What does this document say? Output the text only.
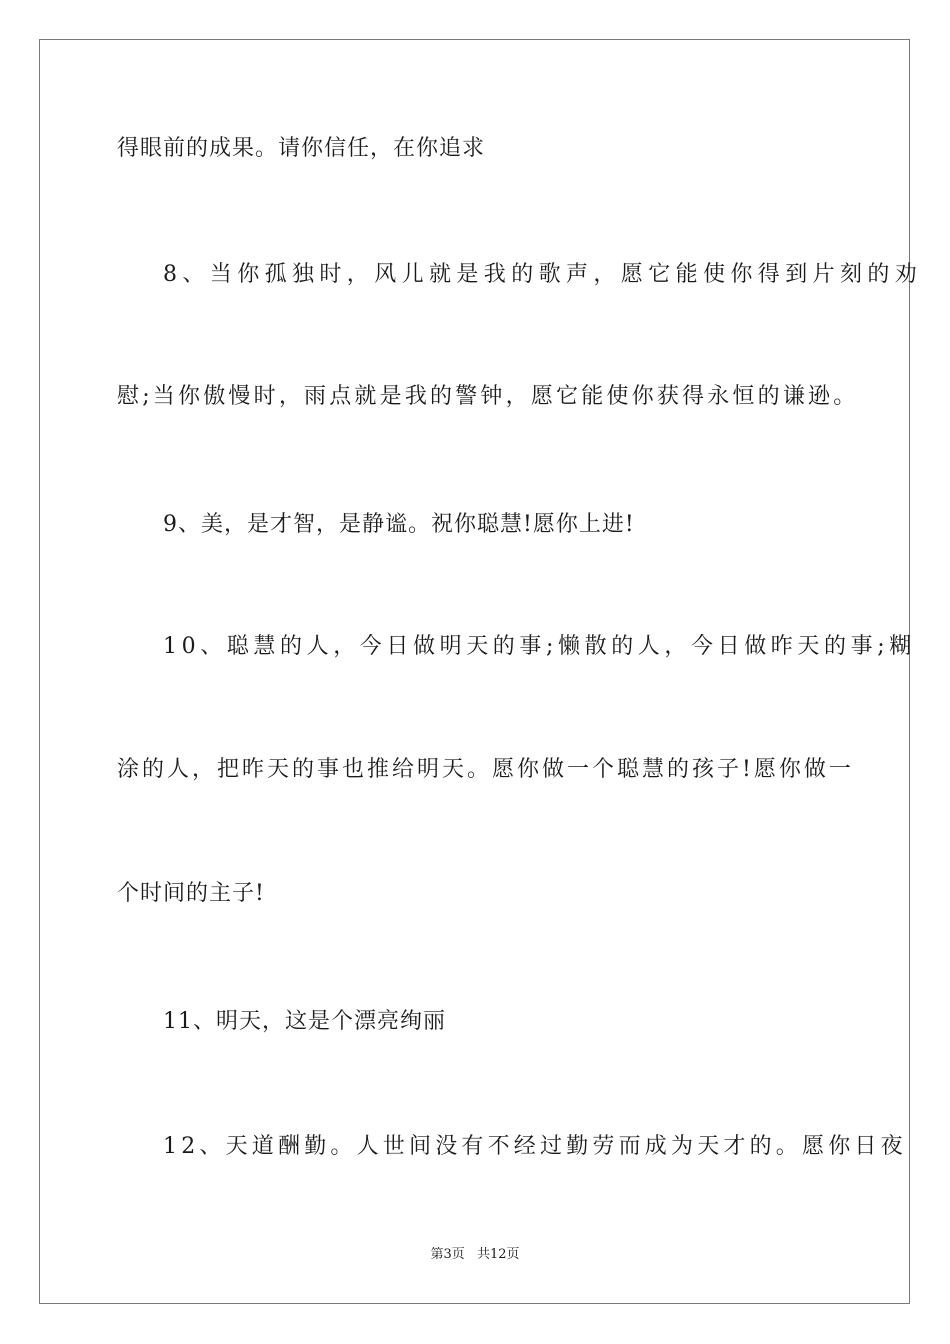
得眼前的成果。请你信任，在你追求
8、当你孤独时，风儿就是我的歌声，愿它能使你得到片刻的劝
慰;当你傲慢时，雨点就是我的警钟，愿它能使你获得永恒的谦逊。
9、美，是才智，是静谧。祝你聪慧!愿你上进!
10、聪慧的人，今日做明天的事;懒散的人，今日做昨天的事;糊
涂的人，把昨天的事也推给明天。愿你做一个聪慧的孩子!愿你做一
个时间的主子!
11、明天，这是个漂亮绚丽
12、天道酬勤。人世间没有不经过勤劳而成为天才的。愿你日夜
第3页 共12页
